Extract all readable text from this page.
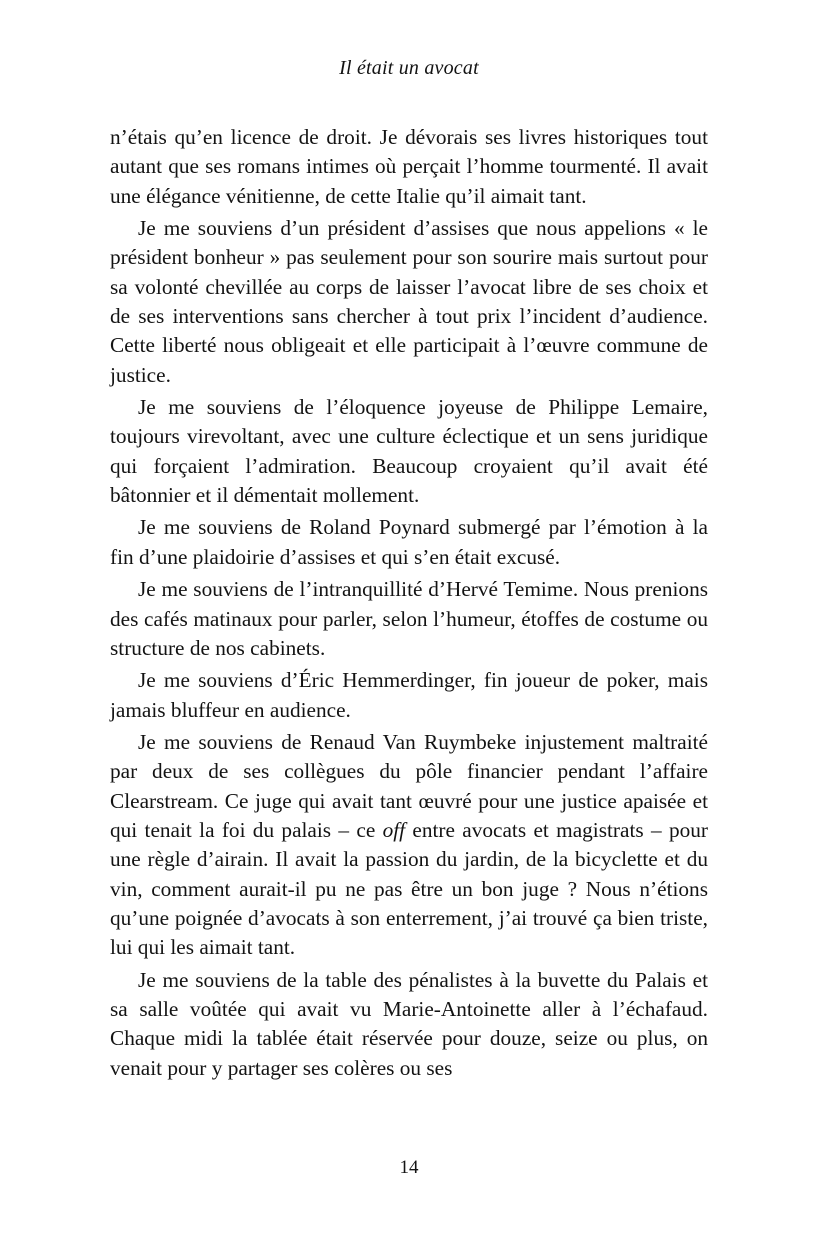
Il était un avocat

n’étais qu’en licence de droit. Je dévorais ses livres historiques tout autant que ses romans intimes où perçait l’homme tourmenté. Il avait une élégance vénitienne, de cette Italie qu’il aimait tant.

Je me souviens d’un président d’assises que nous appelions « le président bonheur » pas seulement pour son sourire mais surtout pour sa volonté chevillée au corps de laisser l’avocat libre de ses choix et de ses interventions sans chercher à tout prix l’incident d’audience. Cette liberté nous obligeait et elle participait à l’œuvre commune de justice.

Je me souviens de l’éloquence joyeuse de Philippe Lemaire, toujours virevoltant, avec une culture éclectique et un sens juridique qui forçaient l’admiration. Beaucoup croyaient qu’il avait été bâtonnier et il démentait mollement.

Je me souviens de Roland Poynard submergé par l’émotion à la fin d’une plaidoirie d’assises et qui s’en était excusé.

Je me souviens de l’intranquillité d’Hervé Temime. Nous prenions des cafés matinaux pour parler, selon l’humeur, étoffes de costume ou structure de nos cabinets.

Je me souviens d’Éric Hemmerdinger, fin joueur de poker, mais jamais bluffeur en audience.

Je me souviens de Renaud Van Ruymbeke injustement maltraité par deux de ses collègues du pôle financier pendant l’affaire Clearstream. Ce juge qui avait tant œuvré pour une justice apaisée et qui tenait la foi du palais – ce off entre avocats et magistrats – pour une règle d’airain. Il avait la passion du jardin, de la bicyclette et du vin, comment aurait-il pu ne pas être un bon juge ? Nous n’étions qu’une poignée d’avocats à son enterrement, j’ai trouvé ça bien triste, lui qui les aimait tant.

Je me souviens de la table des pénalistes à la buvette du Palais et sa salle voûtée qui avait vu Marie-Antoinette aller à l’échafaud. Chaque midi la tablée était réservée pour douze, seize ou plus, on venait pour y partager ses colères ou ses

14
